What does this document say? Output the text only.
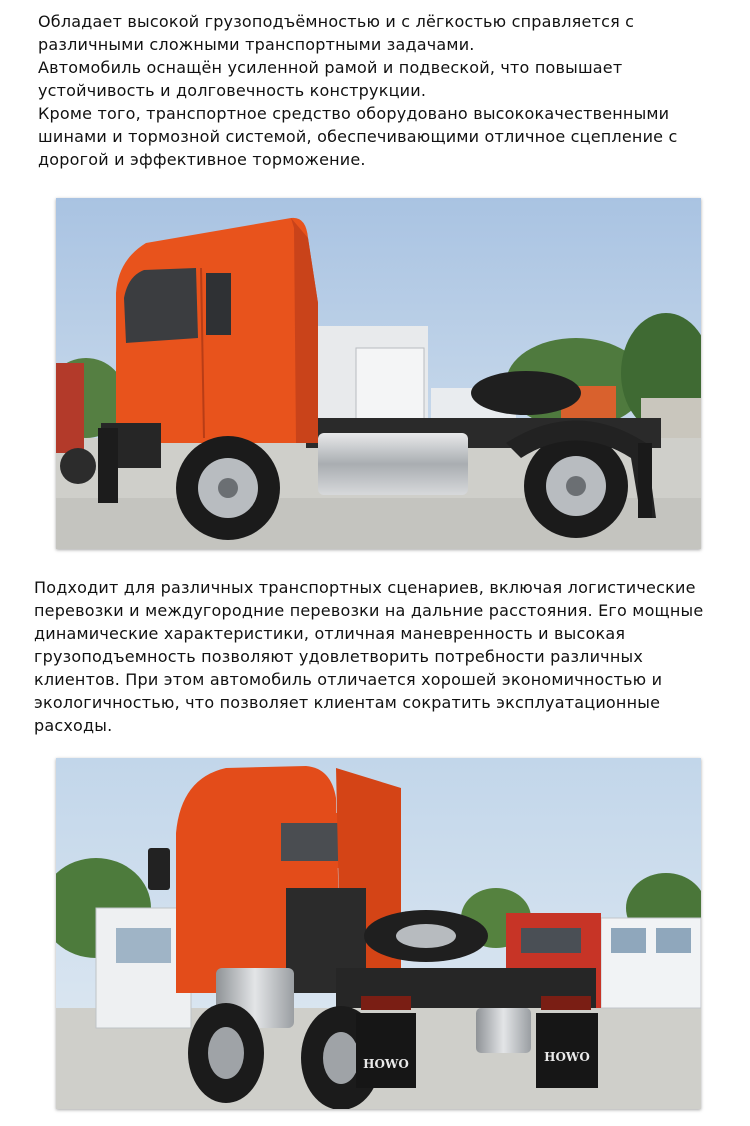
Обладает высокой грузоподъёмностью и с лёгкостью справляется с различными сложными транспортными задачами.

Автомобиль оснащён усиленной рамой и подвеской, что повышает устойчивость и долговечность конструкции.

Кроме того, транспортное средство оборудовано высококачественными шинами и тормозной системой, обеспечивающими отличное сцепление с дорогой и эффективное торможение.

Подходит для различных транспортных сценариев, включая логистические перевозки и междугородние перевозки на дальние расстояния. Его мощные динамические характеристики, отличная маневренность и высокая грузоподъемность позволяют удовлетворить потребности различных клиентов. При этом автомобиль отличается хорошей экономичностью и экологичностью, что позволяет клиентам сократить эксплуатационные расходы.

HOWO	HOWO
